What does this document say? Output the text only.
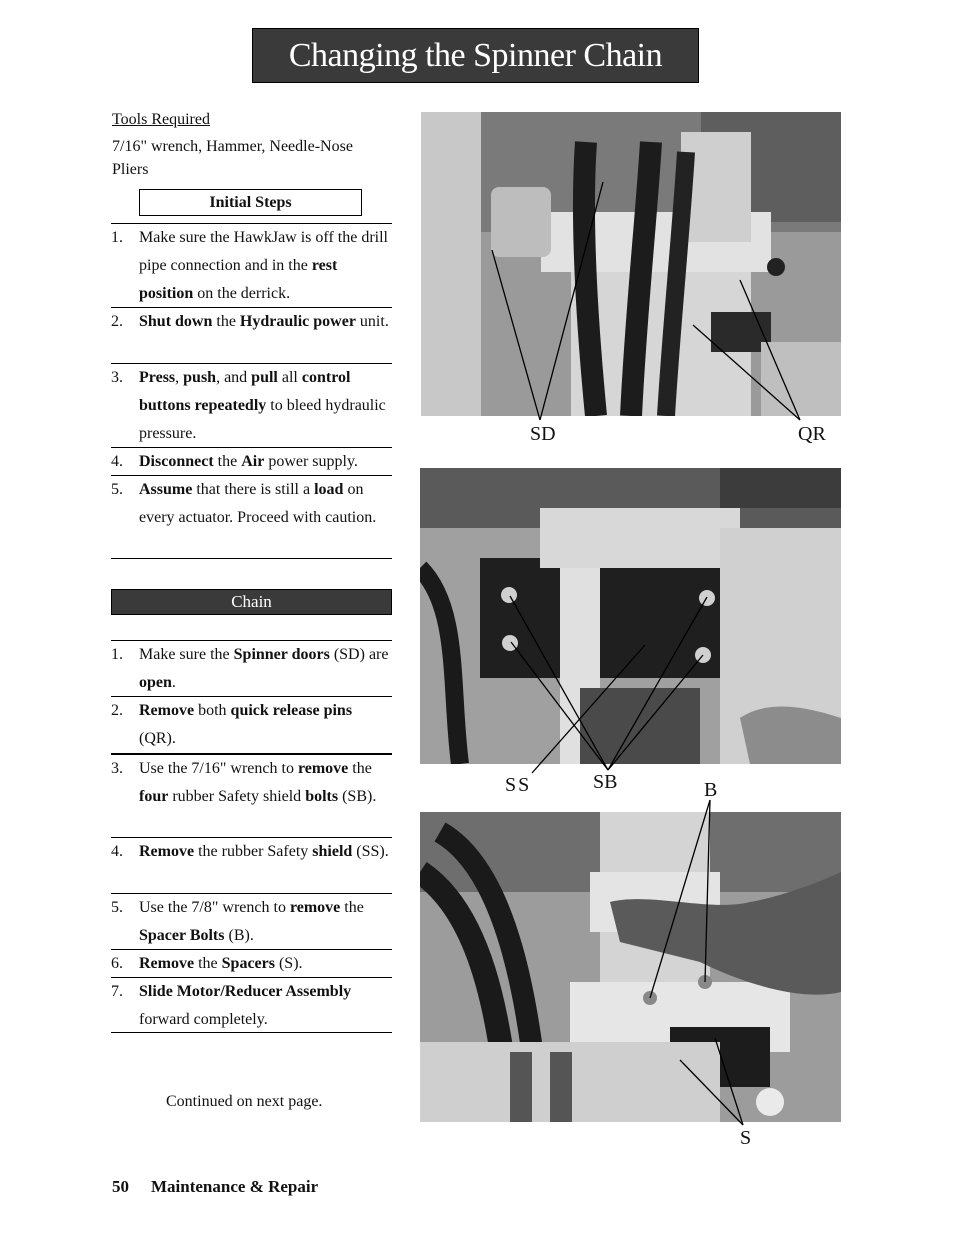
Changing the Spinner Chain
Tools Required
7/16" wrench, Hammer, Needle-Nose Pliers
Initial Steps
1. Make sure the HawkJaw is off the drill pipe connection and in the rest position on the derrick.
2. Shut down the Hydraulic power unit.
3. Press, push, and pull all control buttons repeatedly to bleed hydraulic pressure.
4. Disconnect the Air power supply.
5. Assume that there is still a load on every actuator. Proceed with caution.
Chain
1. Make sure the Spinner doors (SD) are open.
2. Remove both quick release pins (QR).
3. Use the 7/16" wrench to remove the four rubber Safety shield bolts (SB).
4. Remove the rubber Safety shield (SS).
5. Use the 7/8" wrench to remove the Spacer Bolts (B).
6. Remove the Spacers (S).
7. Slide Motor/Reducer Assembly forward completely.
SD	QR
SS	SB	B
S
Continued on next page.
50 Maintenance & Repair
